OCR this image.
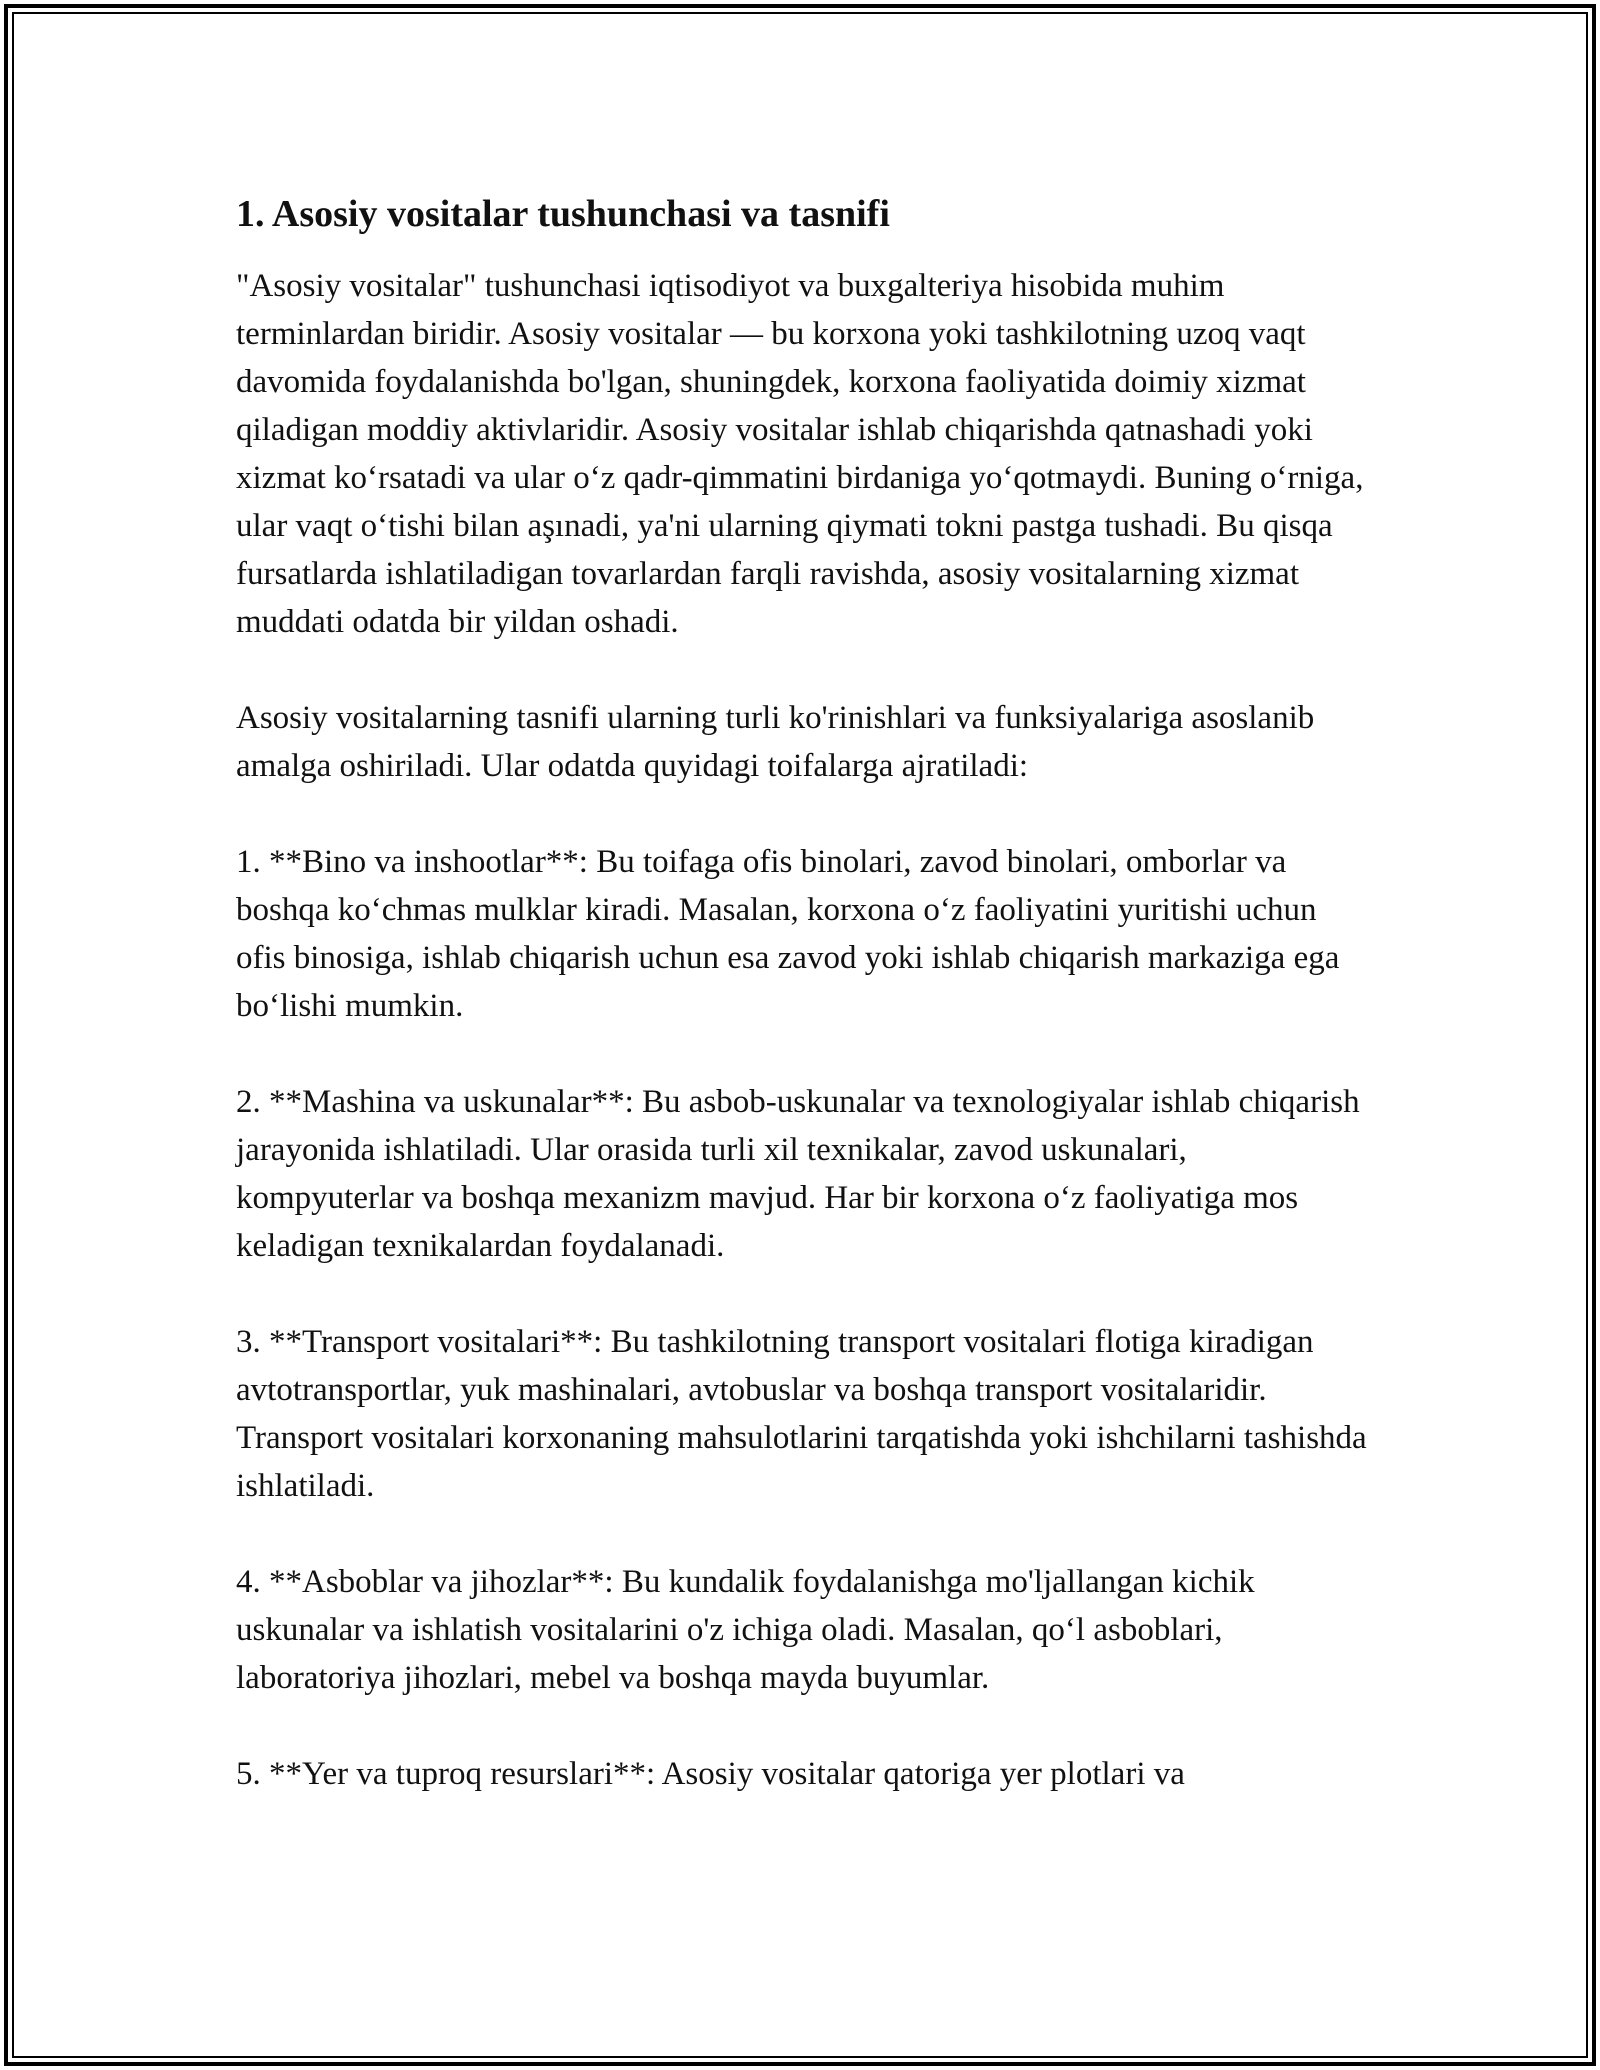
1. Asosiy vositalar tushunchasi va tasnifi

"Asosiy vositalar" tushunchasi iqtisodiyot va buxgalteriya hisobida muhim terminlardan biridir. Asosiy vositalar — bu korxona yoki tashkilotning uzoq vaqt davomida foydalanishda bo'lgan, shuningdek, korxona faoliyatida doimiy xizmat qiladigan moddiy aktivlaridir. Asosiy vositalar ishlab chiqarishda qatnashadi yoki xizmat ko‘rsatadi va ular o‘z qadr-qimmatini birdaniga yo‘qotmaydi. Buning o‘rniga, ular vaqt o‘tishi bilan aşınadi, ya'ni ularning qiymati tokni pastga tushadi. Bu qisqa fursatlarda ishlatiladigan tovarlardan farqli ravishda, asosiy vositalarning xizmat muddati odatda bir yildan oshadi.

Asosiy vositalarning tasnifi ularning turli ko'rinishlari va funksiyalariga asoslanib amalga oshiriladi. Ular odatda quyidagi toifalarga ajratiladi:

1. **Bino va inshootlar**: Bu toifaga ofis binolari, zavod binolari, omborlar va boshqa ko‘chmas mulklar kiradi. Masalan, korxona o‘z faoliyatini yuritishi uchun ofis binosiga, ishlab chiqarish uchun esa zavod yoki ishlab chiqarish markaziga ega bo‘lishi mumkin.

2. **Mashina va uskunalar**: Bu asbob-uskunalar va texnologiyalar ishlab chiqarish jarayonida ishlatiladi. Ular orasida turli xil texnikalar, zavod uskunalari, kompyuterlar va boshqa mexanizm mavjud. Har bir korxona o‘z faoliyatiga mos keladigan texnikalardan foydalanadi.

3. **Transport vositalari**: Bu tashkilotning transport vositalari flotiga kiradigan avtotransportlar, yuk mashinalari, avtobuslar va boshqa transport vositalaridir. Transport vositalari korxonaning mahsulotlarini tarqatishda yoki ishchilarni tashishda ishlatiladi.

4. **Asboblar va jihozlar**: Bu kundalik foydalanishga mo'ljallangan kichik uskunalar va ishlatish vositalarini o'z ichiga oladi. Masalan, qo‘l asboblari, laboratoriya jihozlari, mebel va boshqa mayda buyumlar.

5. **Yer va tuproq resurslari**: Asosiy vositalar qatoriga yer plotlari va
